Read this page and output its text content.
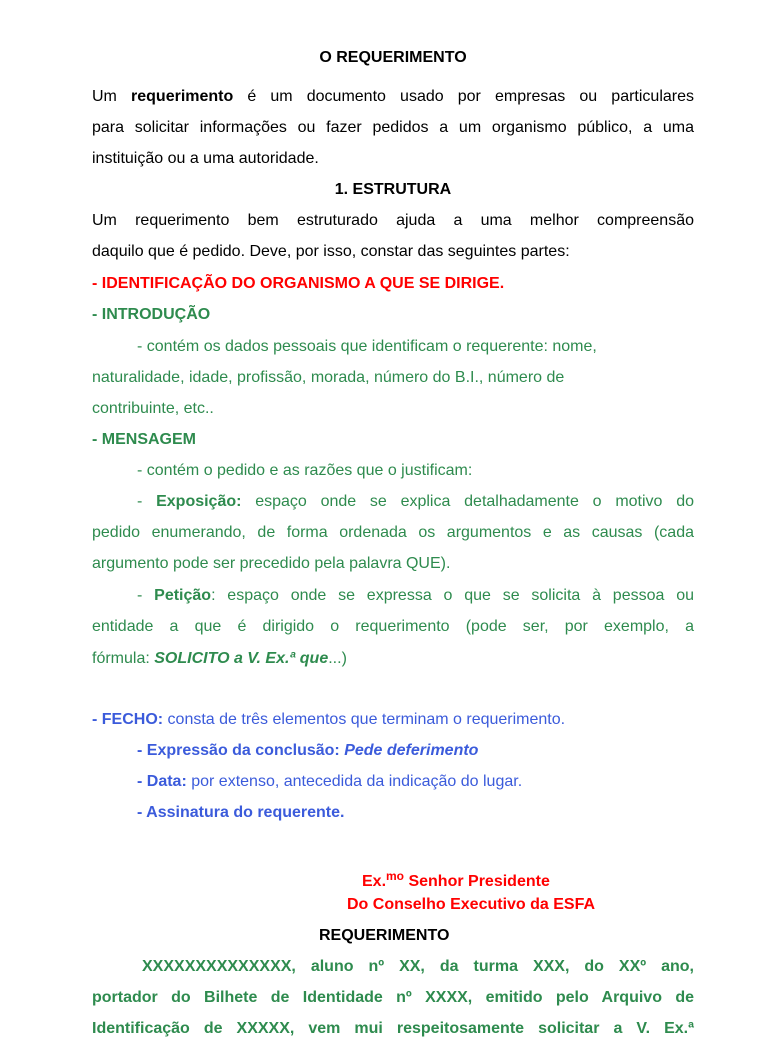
O REQUERIMENTO
Um requerimento é um documento usado por empresas ou particulares
para solicitar informações ou fazer pedidos a um organismo público, a uma
instituição ou a uma autoridade.
1. ESTRUTURA
Um requerimento bem estruturado ajuda a uma melhor compreensão
daquilo que é pedido. Deve, por isso, constar das seguintes partes:
- IDENTIFICAÇÃO DO ORGANISMO A QUE SE DIRIGE.
- INTRODUÇÃO
- contém os dados pessoais que identificam o requerente: nome,
naturalidade, idade, profissão, morada, número do B.I., número de
contribuinte, etc..
- MENSAGEM
- contém o pedido e as razões que o justificam:
- Exposição: espaço onde se explica detalhadamente o motivo do
pedido enumerando, de forma ordenada os argumentos e as causas (cada
argumento pode ser precedido pela palavra QUE).
- Petição: espaço onde se expressa o que se solicita à pessoa ou
entidade a que é dirigido o requerimento (pode ser, por exemplo, a
fórmula: SOLICITO a V. Ex.ª que...)
- FECHO: consta de três elementos que terminam o requerimento.
- Expressão da conclusão: Pede deferimento
- Data: por extenso, antecedida da indicação do lugar.
- Assinatura do requerente.
Ex.$^{mo}$ Senhor Presidente
Do Conselho Executivo da ESFA
REQUERIMENTO
XXXXXXXXXXXXXX, aluno nº XX, da turma XXX, do XXº ano,
portador do Bilhete de Identidade nº XXXX, emitido pelo Arquivo de
Identificação de XXXXX, vem mui respeitosamente solicitar a V. Ex.ª
